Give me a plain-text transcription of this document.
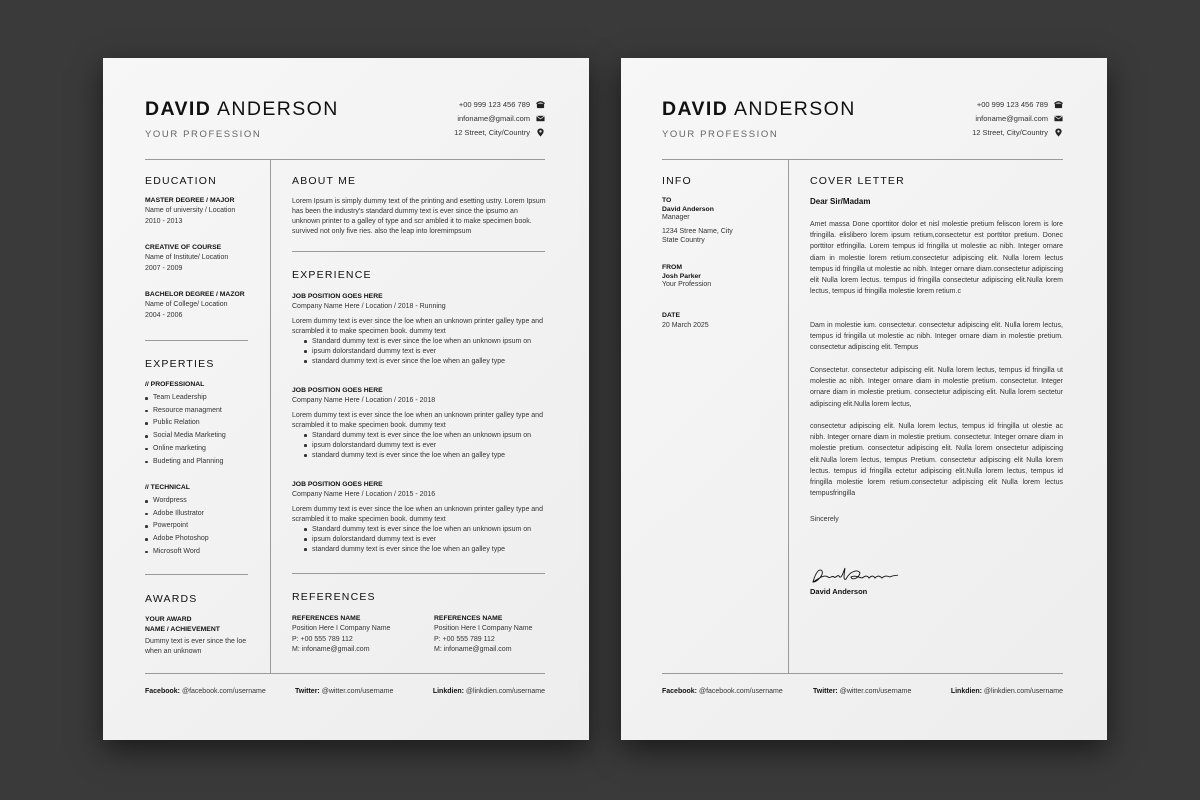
DAVID ANDERSON
YOUR PROFESSION
+00 999 123 456 789
infoname@gmail.com
12 Street, City/Country
EDUCATION
MASTER DEGREE / MAJOR
Name of university / Location
2010 - 2013
CREATIVE OF COURSE
Name of Institute/ Location
2007 - 2009
BACHELOR DEGREE / MAZOR
Name of College/ Location
2004 - 2006
EXPERTIES
// PROFESSIONAL
Team Leadership
Resource managment
Public Relation
Social Media Marketing
Online marketing
Budeting and Planning
// TECHNICAL
Wordpress
Adobe Illustrator
Powerpoint
Adobe Photoshop
Microsoft Word
AWARDS
YOUR AWARD
NAME / ACHIEVEMENT
Dummy text is ever since the loe when an unknown
ABOUT ME
Lorem Ipsum is simply dummy text of the printing and esetting ustry. Lorem Ipsum has been the industry's standard dummy text is ever since the ipsumo an unknown printer to a galley of type and scr ambled it to make specimen book. survived not only five ries. also the leap into loremimpsum
EXPERIENCE
JOB POSITION GOES HERE
Company Name Here / Location / 2018 - Running
Lorem dummy text is ever since the loe when an unknown printer galley type and scrambled it to make specimen book. dummy text
Standard dummy text is ever since the loe when an unknown ipsum on
ipsum dolorstandard dummy text is ever
standard dummy text is ever since the loe when an galley type
JOB POSITION GOES HERE
Company Name Here / Location / 2016 - 2018
Lorem dummy text is ever since the loe when an unknown printer galley type and scrambled it to make specimen book. dummy text
Standard dummy text is ever since the loe when an unknown ipsum on
ipsum dolorstandard dummy text is ever
standard dummy text is ever since the loe when an galley type
JOB POSITION GOES HERE
Company Name Here / Location / 2015 - 2016
Lorem dummy text is ever since the loe when an unknown printer galley type and scrambled it to make specimen book. dummy text
Standard dummy text is ever since the loe when an unknown ipsum on
ipsum dolorstandard dummy text is ever
standard dummy text is ever since the loe when an galley type
REFERENCES
REFERENCES NAME
Position Here I Company Name
P: +00 555 789 112
M: infoname@gmail.com
REFERENCES NAME
Position Here I Company Name
P: +00 555 789 112
M: infoname@gmail.com
Facebook: @facebook.com/username	Twitter: @witter.com/username	Linkdien: @linkdien.com/username
DAVID ANDERSON
YOUR PROFESSION
+00 999 123 456 789
infoname@gmail.com
12 Street, City/Country
INFO
TO
David Anderson
Manager
1234 Stree Name, City
State Country
FROM
Josh Parker
Your Profession
DATE
20 March 2025
COVER LETTER
Dear Sir/Madam
Amet massa Done cporttitor dolor et nisl molestie pretium feliscon lorem is lore tfringilla. elislibero lorem ipsum retium,consectetur est porttitor pretium. Donec porttitor etfringilla. Lorem tempus id fringilla ut molestie ac nibh. Integer ornare diam in molestie lorem retium.consectetur adipiscing elit. Nulla lorem lectus tempus id fringilla ut molestie ac nibh. Integer ornare diam.consectetur adipiscing elit Nulla lorem lectus. tempus id fringilla consectetur adipiscing elit.Nulla lorem lectus, tempus id fringilla molestie lorem retium.c
Dam in molestie ium. consectetur. consectetur adipiscing elit. Nulla lorem lectus, tempus id fringilla ut molestie ac nibh. Integer ornare diam in molestie pretium. consectetur adipiscing elit. Tempus
Consectetur. consectetur adipiscing elit. Nulla lorem lectus, tempus id fringilla ut molestie ac nibh. Integer ornare diam in molestie pretium. consectetur. Integer ornare diam in molestie pretium. consectetur adipiscing elit. Nulla lorem sectetur adipiscing elit.Nulla lorem lectus,
consectetur adipiscing elit. Nulla lorem lectus, tempus id fringilla ut olestie ac nibh. Integer ornare diam in molestie pretium. consectetur. Integer ornare diam in molestie pretium. consectetur adipiscing elit. Nulla lorem onsectetur adipiscing elit.Nulla lorem lectus, tempus Pretium. consectetur adipiscing elit Nulla lorem lectus. tempus id fringilla ectetur adipiscing elit.Nulla lorem lectus, tempus id fringilla molestie lorem retium.consectetur adipiscing elit Nulla lorem lectus tempusfringilla
Sincerely
David Anderson
Facebook: @facebook.com/username	Twitter: @witter.com/username	Linkdien: @linkdien.com/username
